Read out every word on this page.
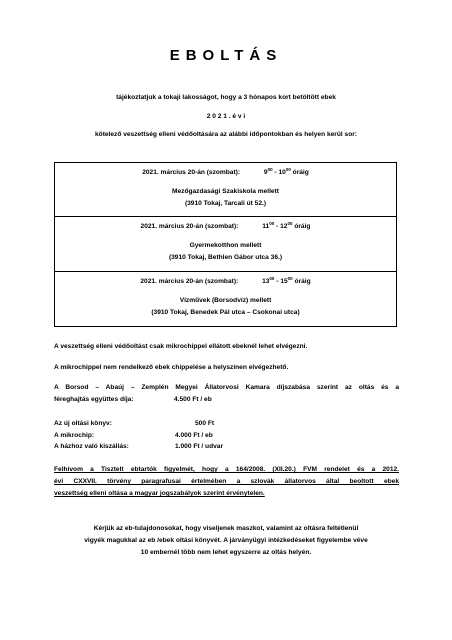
EBOLTÁS
tájékoztatjuk a tokaji lakosságot, hogy a 3 hónapos kort betöltött ebek
2 0 2 1 . é v i
kötelező veszettség elleni védőoltására az alábbi időpontokban és helyen kerül sor:
2021. március 20-án (szombat):	$9^{00} - 10^{00}$ óráig
Mezőgazdasági Szakiskola mellett
(3910 Tokaj, Tarcali út 52.)
2021. március 20-án (szombat):	$11^{00} - 12^{00}$ óráig
Gyermekotthon mellett
(3910 Tokaj, Bethlen Gábor utca 36.)
2021. március 20-án (szombat):	$13^{00} - 15^{00}$ óráig
Vízművek (Borsodvíz) mellett
(3910 Tokaj, Benedek Pál utca – Csokonai utca)
A veszettség elleni védőoltást csak mikrochippel ellátott ebeknél lehet elvégezni.
A mikrochippel nem rendelkező ebek chippelése a helyszínen elvégezhető.
A Borsod – Abaúj – Zemplén Megyei Állatorvosi Kamara díjszabása szerint az oltás és a
féreghajtás együttes díja:	4.500 Ft / eb
Az új oltási könyv:	500 Ft
A mikrochip:	4.000 Ft / eb
A házhoz való kiszállás:	1.000 Ft / udvar
Felhívom a Tisztelt ebtartók figyelmét, hogy a 164/2008. (XII.20.) FVM rendelet és a 2012.
évi CXXVII. törvény paragrafusai értelmében a szlovák állatorvos által beoltott ebek
veszettség elleni oltása a magyar jogszabályok szerint érvénytelen.
Kérjük az eb-tulajdonosokat, hogy viseljenek maszkot, valamint az oltásra feltétlenül
vigyék magukkal az eb /ebek oltási könyvét. A járványügyi intézkedéseket figyelembe véve
10 embernél több nem lehet egyszerre az oltás helyén.
